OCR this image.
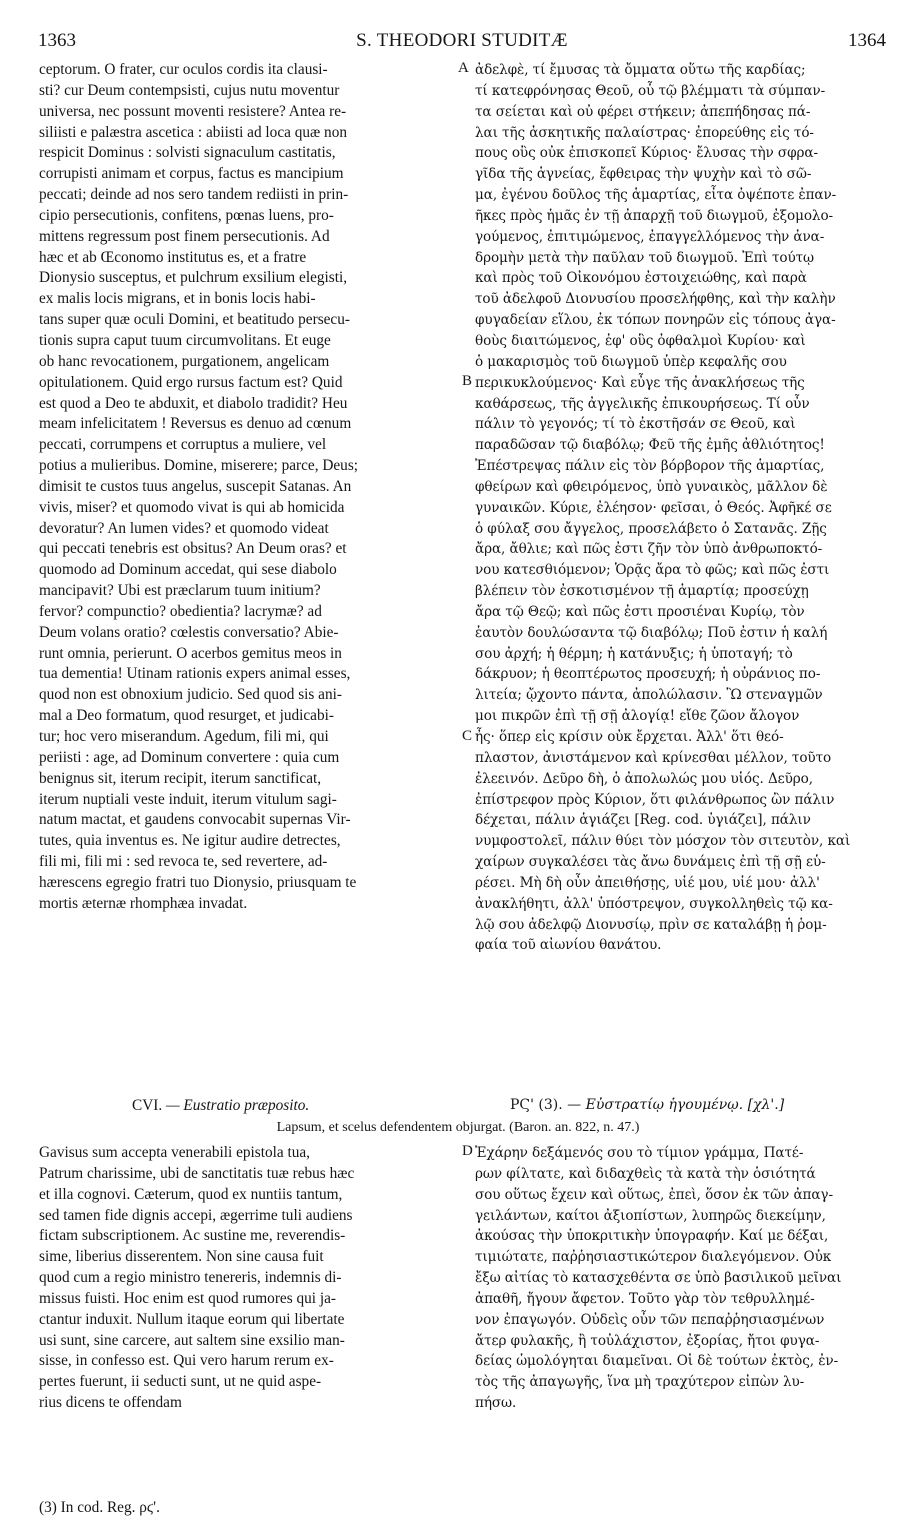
1363	S. THEODORI STUDITÆ	1364
ceptorum. O frater, cur oculos cordis ita clausi-
sti? cur Deum contempsisti, cujus nutu moventur
universa, nec possunt moventi resistere? Antea re-
siliisti e palæstra ascetica : abiisti ad loca quæ non
respicit Dominus : solvisti signaculum castitatis,
corrupisti animam et corpus, factus es mancipium
peccati; deinde ad nos sero tandem rediisti in prin-
cipio persecutionis, confitens, pœnas luens, pro-
mittens regressum post finem persecutionis. Ad
hæc et ab Œconomo institutus es, et a fratre
Dionysio susceptus, et pulchrum exsilium elegisti,
ex malis locis migrans, et in bonis locis habi-
tans super quæ oculi Domini, et beatitudo persecu-
tionis supra caput tuum circumvolitans. Et euge
ob hanc revocationem, purgationem, angelicam
opitulationem. Quid ergo rursus factum est? Quid
est quod a Deo te abduxit, et diabolo tradidit? Heu
meam infelicitatem ! Reversus es denuo ad cœnum
peccati, corrumpens et corruptus a muliere, vel
potius a mulieribus. Domine, miserere; parce, Deus;
dimisit te custos tuus angelus, suscepit Satanas. An
vivis, miser? et quomodo vivat is qui ab homicida
devoratur? An lumen vides? et quomodo videat
qui peccati tenebris est obsitus? An Deum oras? et
quomodo ad Dominum accedat, qui sese diabolo
mancipavit? Ubi est præclarum tuum initium?
fervor? compunctio? obedientia? lacrymæ? ad
Deum volans oratio? cœlestis conversatio? Abie-
runt omnia, perierunt. O acerbos gemitus meos in
tua dementia! Utinam rationis expers animal esses,
quod non est obnoxium judicio. Sed quod sis ani-
mal a Deo formatum, quod resurget, et judicabi-
tur; hoc vero miserandum. Agedum, fili mi, qui
periisti : age, ad Dominum convertere : quia cum
benignus sit, iterum recipit, iterum sanctificat,
iterum nuptiali veste induit, iterum vitulum sagi-
natum mactat, et gaudens convocabit supernas Vir-
tutes, quia inventus es. Ne igitur audire detrectes,
fili mi, fili mi : sed revoca te, sed revertere, ad-
hærescens egregio fratri tuo Dionysio, priusquam te
mortis æternæ rhomphæa invadat.
ἀδελφὲ, τί ἔμυσας τὰ ὄμματα οὕτω τῆς καρδίας;
τί κατεφρόνησας Θεοῦ, οὗ τῷ βλέμματι τὰ σύμπαν-
τα σείεται καὶ οὐ φέρει στήκειν; ἀπεπήδησας πά-
λαι τῆς ἀσκητικῆς παλαίστρας· ἐπορεύθης εἰς τό-
πους οὓς οὐκ ἐπισκοπεῖ Κύριος· ἔλυσας τὴν σφρα-
γῖδα τῆς ἁγνείας, ἔφθειρας τὴν ψυχὴν καὶ τὸ σῶ-
μα, ἐγένου δοῦλος τῆς ἁμαρτίας, εἶτα ὀψέποτε ἐπαν-
ῆκες πρὸς ἡμᾶς ἐν τῇ ἀπαρχῇ τοῦ διωγμοῦ, ἐξομολο-
γούμενος, ἐπιτιμώμενος, ἐπαγγελλόμενος τὴν ἀνα-
δρομὴν μετὰ τὴν παῦλαν τοῦ διωγμοῦ. Ἐπὶ τούτῳ
καὶ πρὸς τοῦ Οἰκονόμου ἐστοιχειώθης, καὶ παρὰ
τοῦ ἀδελφοῦ Διονυσίου προσελήφθης, καὶ τὴν καλὴν
φυγαδείαν εἵλου, ἐκ τόπων πονηρῶν εἰς τόπους ἀγα-
θοὺς διαιτώμενος, ἐφ' οὓς ὀφθαλμοὶ Κυρίου· καὶ
ὁ μακαρισμὸς τοῦ διωγμοῦ ὑπὲρ κεφαλῆς σου
περικυκλούμενος· Καὶ εὖγε τῆς ἀνακλήσεως τῆς
καθάρσεως, τῆς ἀγγελικῆς ἐπικουρήσεως. Τί οὖν
πάλιν τὸ γεγονός; τί τὸ ἐκστῆσάν σε Θεοῦ, καὶ
παραδῶσαν τῷ διαβόλῳ; Φεῦ τῆς ἐμῆς ἀθλιότητος!
Ἐπέστρεψας πάλιν εἰς τὸν βόρβορον τῆς ἁμαρτίας,
φθείρων καὶ φθειρόμενος, ὑπὸ γυναικὸς, μᾶλλον δὲ
γυναικῶν. Κύριε, ἐλέησον· φεῖσαι, ὁ Θεός. Ἀφῆκέ σε
ὁ φύλαξ σου ἄγγελος, προσελάβετο ὁ Σατανᾶς. Ζῇς
ἄρα, ἄθλιε; καὶ πῶς ἐστι ζῆν τὸν ὑπὸ ἀνθρωποκτό-
νου κατεσθιόμενον; Ὁρᾷς ἄρα τὸ φῶς; καὶ πῶς ἐστι
βλέπειν τὸν ἐσκοτισμένον τῇ ἁμαρτίᾳ; προσεύχῃ
ἄρα τῷ Θεῷ; καὶ πῶς ἐστι προσιέναι Κυρίῳ, τὸν
ἑαυτὸν δουλώσαντα τῷ διαβόλῳ; Ποῦ ἐστιν ἡ καλή
σου ἀρχή; ἡ θέρμη; ἡ κατάνυξις; ἡ ὑποταγή; τὸ
δάκρυον; ἡ θεοπτέρωτος προσευχή; ἡ οὐράνιος πο-
λιτεία; ᾤχοντο πάντα, ἀπολώλασιν. Ὢ στεναγμῶν
μοι πικρῶν ἐπὶ τῇ σῇ ἀλογίᾳ! εἴθε ζῶον ἄλογον
ἦς· ὅπερ εἰς κρίσιν οὐκ ἔρχεται. Ἀλλ' ὅτι θεό-
πλαστον, ἀνιστάμενον καὶ κρίνεσθαι μέλλον, τοῦτο
ἐλεεινόν. Δεῦρο δὴ, ὁ ἀπολωλώς μου υἱός. Δεῦρο,
ἐπίστρεφον πρὸς Κύριον, ὅτι φιλάνθρωπος ὢν πάλιν
δέχεται, πάλιν ἁγιάζει [Reg. cod. ὑγιάζει], πάλιν
νυμφοστολεῖ, πάλιν θύει τὸν μόσχον τὸν σιτευτὸν, καὶ
χαίρων συγκαλέσει τὰς ἄνω δυνάμεις ἐπὶ τῇ σῇ εὑ-
ρέσει. Μὴ δὴ οὖν ἀπειθήσῃς, υἱέ μου, υἱέ μου· ἀλλ'
ἀνακλήθητι, ἀλλ' ὑπόστρεψον, συγκολληθεὶς τῷ κα-
λῷ σου ἀδελφῷ Διονυσίῳ, πρὶν σε καταλάβῃ ἡ ῥομ-
φαία τοῦ αἰωνίου θανάτου.
A
B
C
D
CVI. — Eustratio præposito.	ΡϚ' (3). — Εὐστρατίῳ ἡγουμένῳ. [χλ'.]
Lapsum, et scelus defendentem objurgat. (Baron. an. 822, n. 47.)
Gavisus sum accepta venerabili epistola tua,
Patrum charissime, ubi de sanctitatis tuæ rebus hæc
et illa cognovi. Cæterum, quod ex nuntiis tantum,
sed tamen fide dignis accepi, ægerrime tuli audiens
fictam subscriptionem. Ac sustine me, reverendis-
sime, liberius disserentem. Non sine causa fuit
quod cum a regio ministro tenereris, indemnis di-
missus fuisti. Hoc enim est quod rumores qui ja-
ctantur induxit. Nullum itaque eorum qui libertate
usi sunt, sine carcere, aut saltem sine exsilio man-
sisse, in confesso est. Qui vero harum rerum ex-
pertes fuerunt, ii seducti sunt, ut ne quid aspe-
rius dicens te offendam
Ἐχάρην δεξάμενός σου τὸ τίμιον γράμμα, Πατέ-
ρων φίλτατε, καὶ διδαχθεὶς τὰ κατὰ τὴν ὁσιότητά
σου οὕτως ἔχειν καὶ οὕτως, ἐπεὶ, ὅσον ἐκ τῶν ἀπαγ-
γειλάντων, καίτοι ἀξιοπίστων, λυπηρῶς διεκείμην,
ἀκούσας τὴν ὑποκριτικὴν ὑπογραφήν. Καί με δέξαι,
τιμιώτατε, παῤῥησιαστικώτερον διαλεγόμενον. Οὐκ
ἔξω αἰτίας τὸ κατασχεθέντα σε ὑπὸ βασιλικοῦ μεῖναι
ἀπαθῆ, ἤγουν ἄφετον. Τοῦτο γὰρ τὸν τεθρυλλημέ-
νον ἐπαγωγόν. Οὐδεὶς οὖν τῶν πεπαῤῥησιασμένων
ἄτερ φυλακῆς, ἢ τοὐλάχιστον, ἐξορίας, ἤτοι φυγα-
δείας ὡμολόγηται διαμεῖναι. Οἱ δὲ τούτων ἐκτὸς, ἐν-
τὸς τῆς ἀπαγωγῆς, ἵνα μὴ τραχύτερον εἰπὼν λυ-
πήσω.
(3) In cod. Reg. ρϛ'.
